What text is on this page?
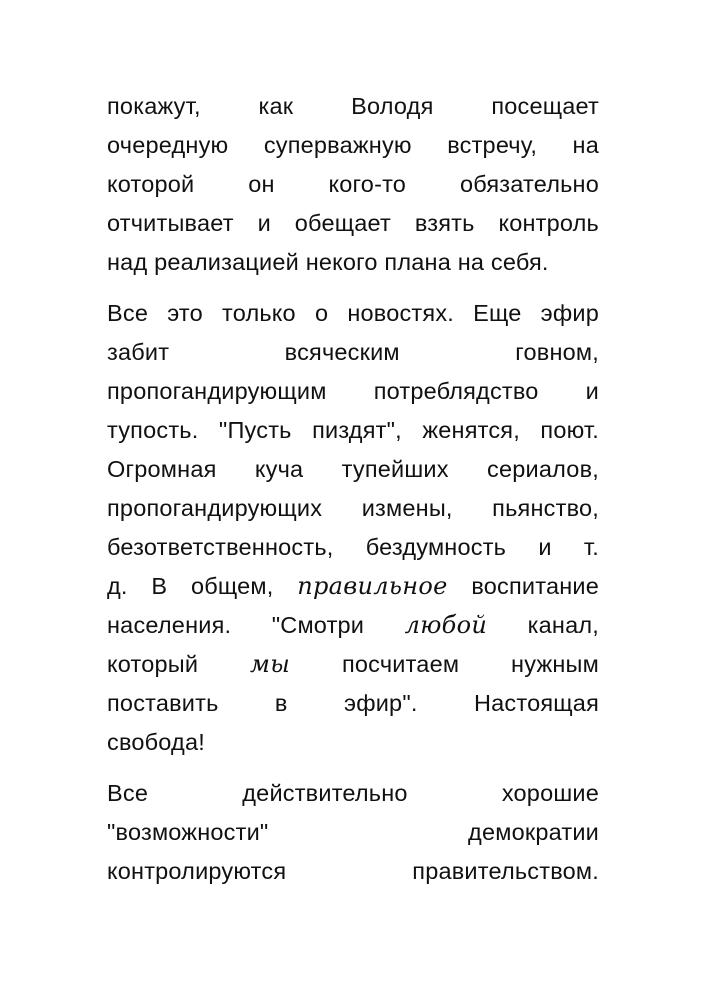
покажут, как Володя посещает
очередную суперважную встречу, на
которой он кого-то обязательно
отчитывает и обещает взять контроль
над реализацией некого плана на себя.

Все это только о новостях. Еще эфир
забит всяческим говном,
пропогандирующим потреблядство и
тупость. "Пусть пиздят", женятся, поют.
Огромная куча тупейших сериалов,
пропогандирующих измены, пьянство,
безответственность, бездумность и т.
д. В общем, правильное воспитание
населения. "Смотри любой канал,
который мы посчитаем нужным
поставить в эфир". Настоящая
свобода!

Все действительно хорошие
"возможности" демократии
контролируются правительством.
